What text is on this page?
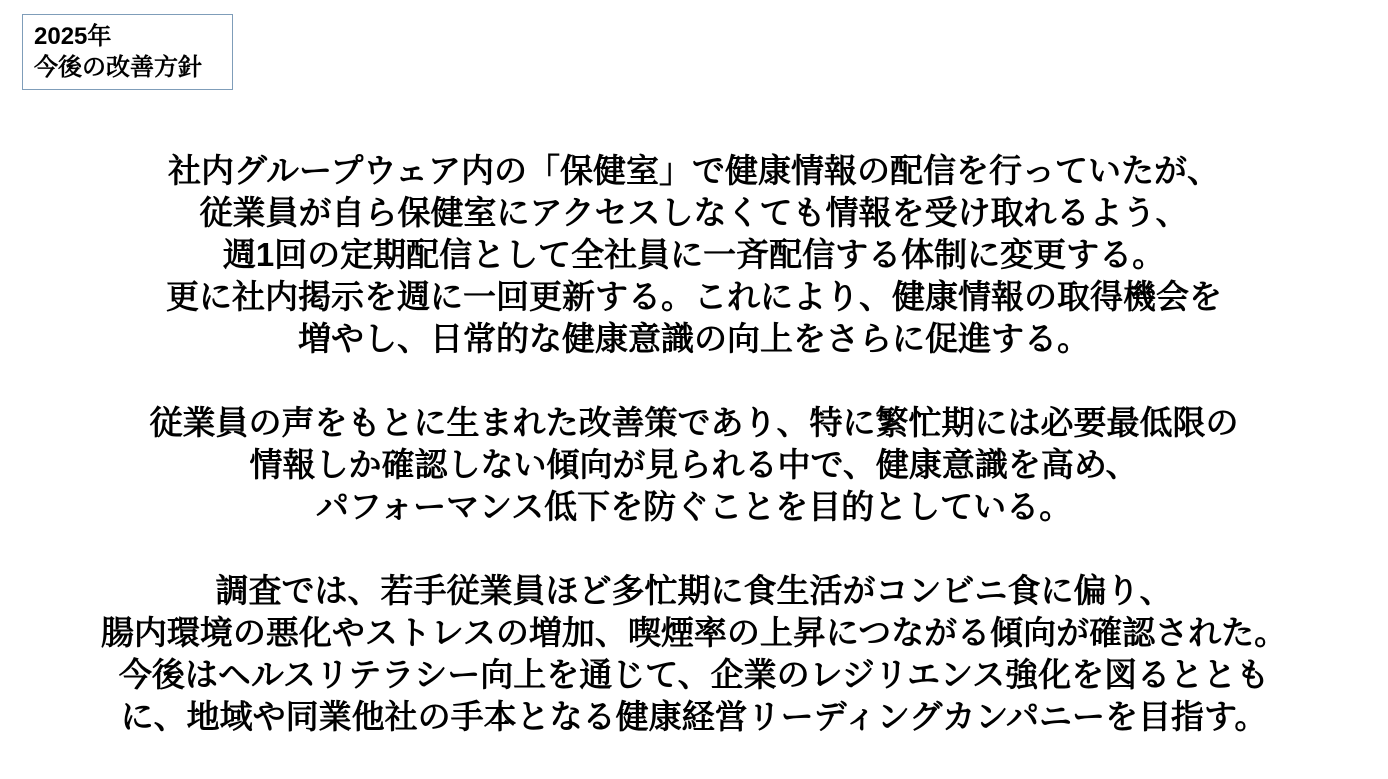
2025年
今後の改善方針
社内グループウェア内の「保健室」で健康情報の配信を行っていたが、
従業員が自ら保健室にアクセスしなくても情報を受け取れるよう、
週1回の定期配信として全社員に一斉配信する体制に変更する。
更に社内掲示を週に一回更新する。これにより、健康情報の取得機会を
増やし、日常的な健康意識の向上をさらに促進する。
従業員の声をもとに生まれた改善策であり、特に繁忙期には必要最低限の
情報しか確認しない傾向が見られる中で、健康意識を高め、
パフォーマンス低下を防ぐことを目的としている。
調査では、若手従業員ほど多忙期に食生活がコンビニ食に偏り、
腸内環境の悪化やストレスの増加、喫煙率の上昇につながる傾向が確認された。
今後はヘルスリテラシー向上を通じて、企業のレジリエンス強化を図るととも
に、地域や同業他社の手本となる健康経営リーディングカンパニーを目指す。
